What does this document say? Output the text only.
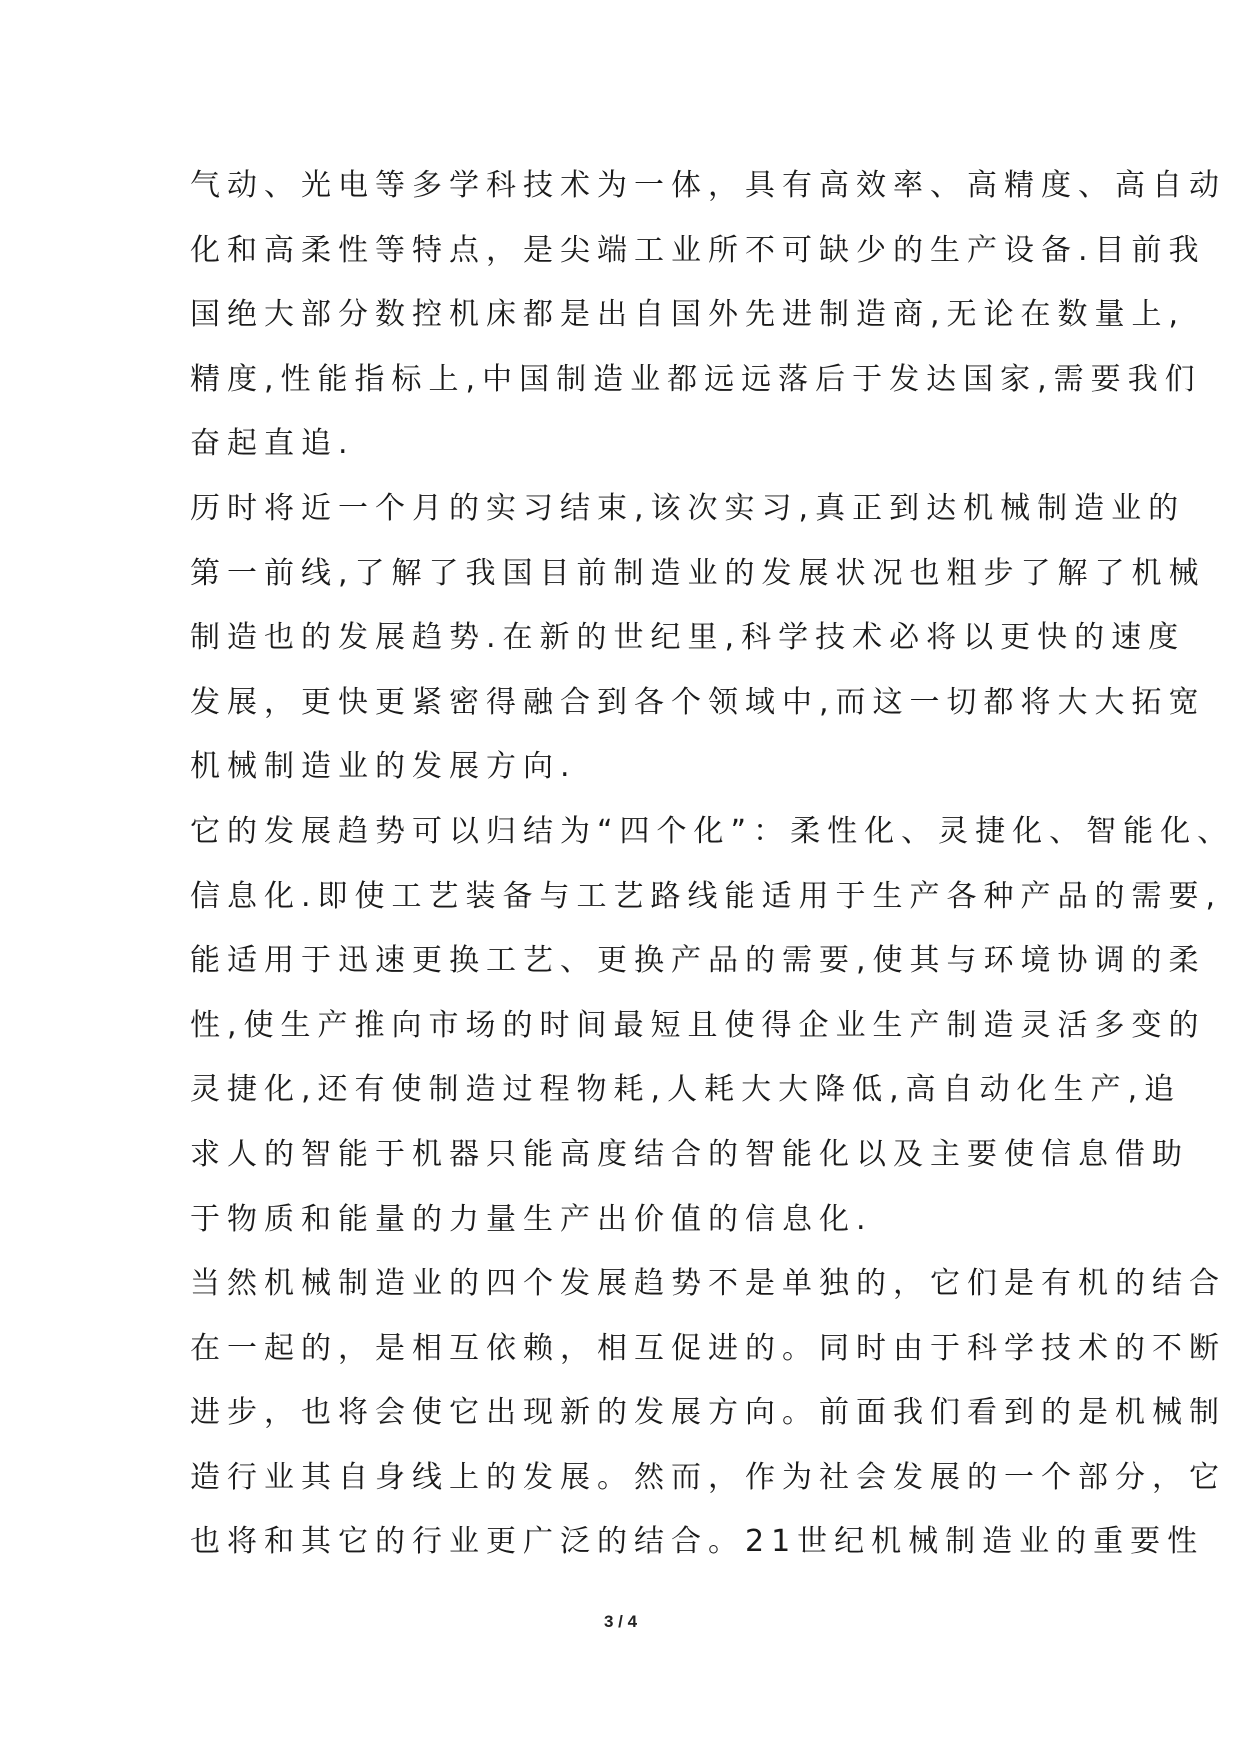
气动、光电等多学科技术为一体，具有高效率、高精度、高自动
化和高柔性等特点，是尖端工业所不可缺少的生产设备.目前我
国绝大部分数控机床都是出自国外先进制造商,无论在数量上,
精度,性能指标上,中国制造业都远远落后于发达国家,需要我们
奋起直追.
历时将近一个月的实习结束,该次实习,真正到达机械制造业的
第一前线,了解了我国目前制造业的发展状况也粗步了解了机械
制造也的发展趋势.在新的世纪里,科学技术必将以更快的速度
发展，更快更紧密得融合到各个领域中,而这一切都将大大拓宽
机械制造业的发展方向.
它的发展趋势可以归结为“四个化”：柔性化、灵捷化、智能化、
信息化.即使工艺装备与工艺路线能适用于生产各种产品的需要,
能适用于迅速更换工艺、更换产品的需要,使其与环境协调的柔
性,使生产推向市场的时间最短且使得企业生产制造灵活多变的
灵捷化,还有使制造过程物耗,人耗大大降低,高自动化生产,追
求人的智能于机器只能高度结合的智能化以及主要使信息借助
于物质和能量的力量生产出价值的信息化.
当然机械制造业的四个发展趋势不是单独的，它们是有机的结合
在一起的，是相互依赖，相互促进的。同时由于科学技术的不断
进步，也将会使它出现新的发展方向。前面我们看到的是机械制
造行业其自身线上的发展。然而，作为社会发展的一个部分，它
也将和其它的行业更广泛的结合。21世纪机械制造业的重要性
3 / 4
